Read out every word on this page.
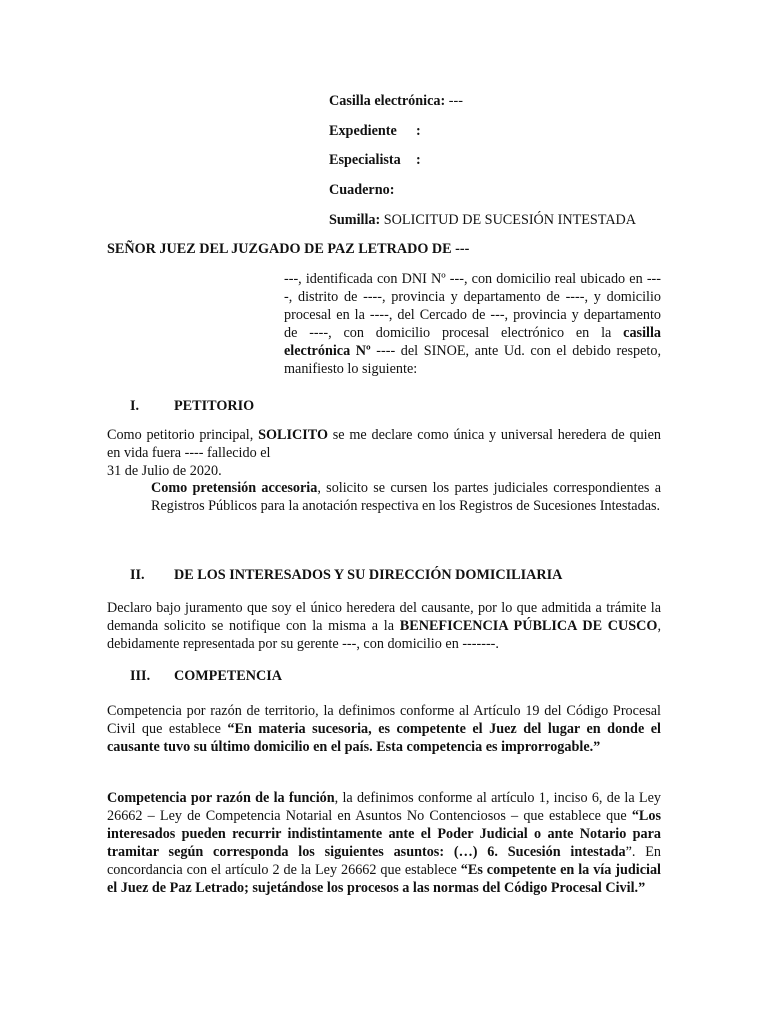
Casilla electrónica: ---
Expediente :
Especialista :
Cuaderno:
Sumilla: SOLICITUD DE SUCESIÓN INTESTADA
SEÑOR JUEZ DEL JUZGADO DE PAZ LETRADO DE ---
---, identificada con DNI Nº ---, con domicilio real ubicado en ----, distrito de ----, provincia y departamento de ----, y domicilio procesal en la ----, del Cercado de ---, provincia y departamento de ----, con domicilio procesal electrónico en la casilla electrónica Nº ---- del SINOE, ante Ud. con el debido respeto, manifiesto lo siguiente:
I. PETITORIO
Como petitorio principal, SOLICITO se me declare como única y universal heredera de quien en vida fuera ---- fallecido el
31 de Julio de 2020.
Como pretensión accesoria, solicito se cursen los partes judiciales correspondientes a Registros Públicos para la anotación respectiva en los Registros de Sucesiones Intestadas.
II. DE LOS INTERESADOS Y SU DIRECCIÓN DOMICILIARIA
Declaro bajo juramento que soy el único heredera del causante, por lo que admitida a trámite la demanda solicito se notifique con la misma a la BENEFICENCIA PÚBLICA DE CUSCO, debidamente representada por su gerente ---, con domicilio en -------.
III. COMPETENCIA
Competencia por razón de territorio, la definimos conforme al Artículo 19 del Código Procesal Civil que establece “En materia sucesoria, es competente el Juez del lugar en donde el causante tuvo su último domicilio en el país. Esta competencia es improrrogable.”
Competencia por razón de la función, la definimos conforme al artículo 1, inciso 6, de la Ley 26662 – Ley de Competencia Notarial en Asuntos No Contenciosos – que establece que “Los interesados pueden recurrir indistintamente ante el Poder Judicial o ante Notario para tramitar según corresponda los siguientes asuntos: (…) 6. Sucesión intestada”. En concordancia con el artículo 2 de la Ley 26662 que establece “Es competente en la vía judicial el Juez de Paz Letrado; sujetándose los procesos a las normas del Código Procesal Civil.”
